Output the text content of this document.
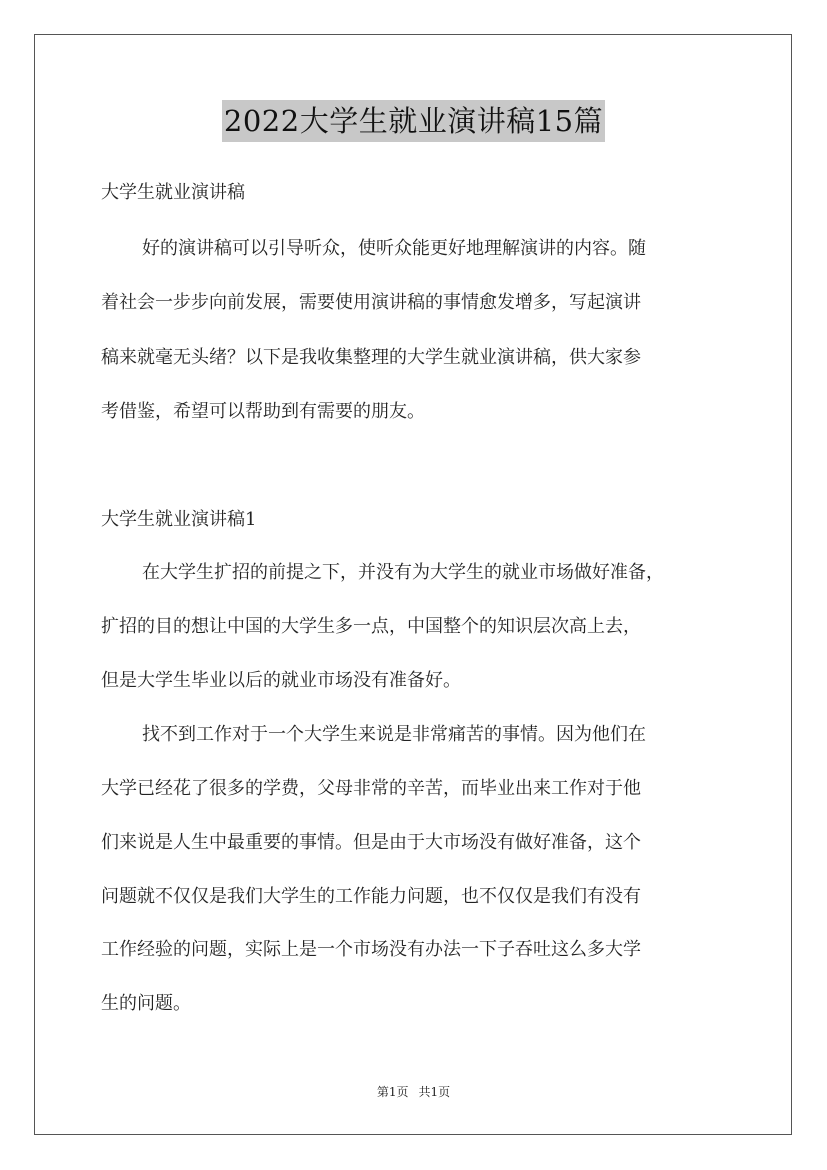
2022大学生就业演讲稿15篇
大学生就业演讲稿
好的演讲稿可以引导听众，使听众能更好地理解演讲的内容。随
着社会一步步向前发展，需要使用演讲稿的事情愈发增多，写起演讲
稿来就毫无头绪？以下是我收集整理的大学生就业演讲稿，供大家参
考借鉴，希望可以帮助到有需要的朋友。
大学生就业演讲稿1
在大学生扩招的前提之下，并没有为大学生的就业市场做好准备，
扩招的目的想让中国的大学生多一点，中国整个的知识层次高上去，
但是大学生毕业以后的就业市场没有准备好。
找不到工作对于一个大学生来说是非常痛苦的事情。因为他们在
大学已经花了很多的学费，父母非常的辛苦，而毕业出来工作对于他
们来说是人生中最重要的事情。但是由于大市场没有做好准备，这个
问题就不仅仅是我们大学生的工作能力问题，也不仅仅是我们有没有
工作经验的问题，实际上是一个市场没有办法一下子吞吐这么多大学
生的问题。
第1页 共1页
